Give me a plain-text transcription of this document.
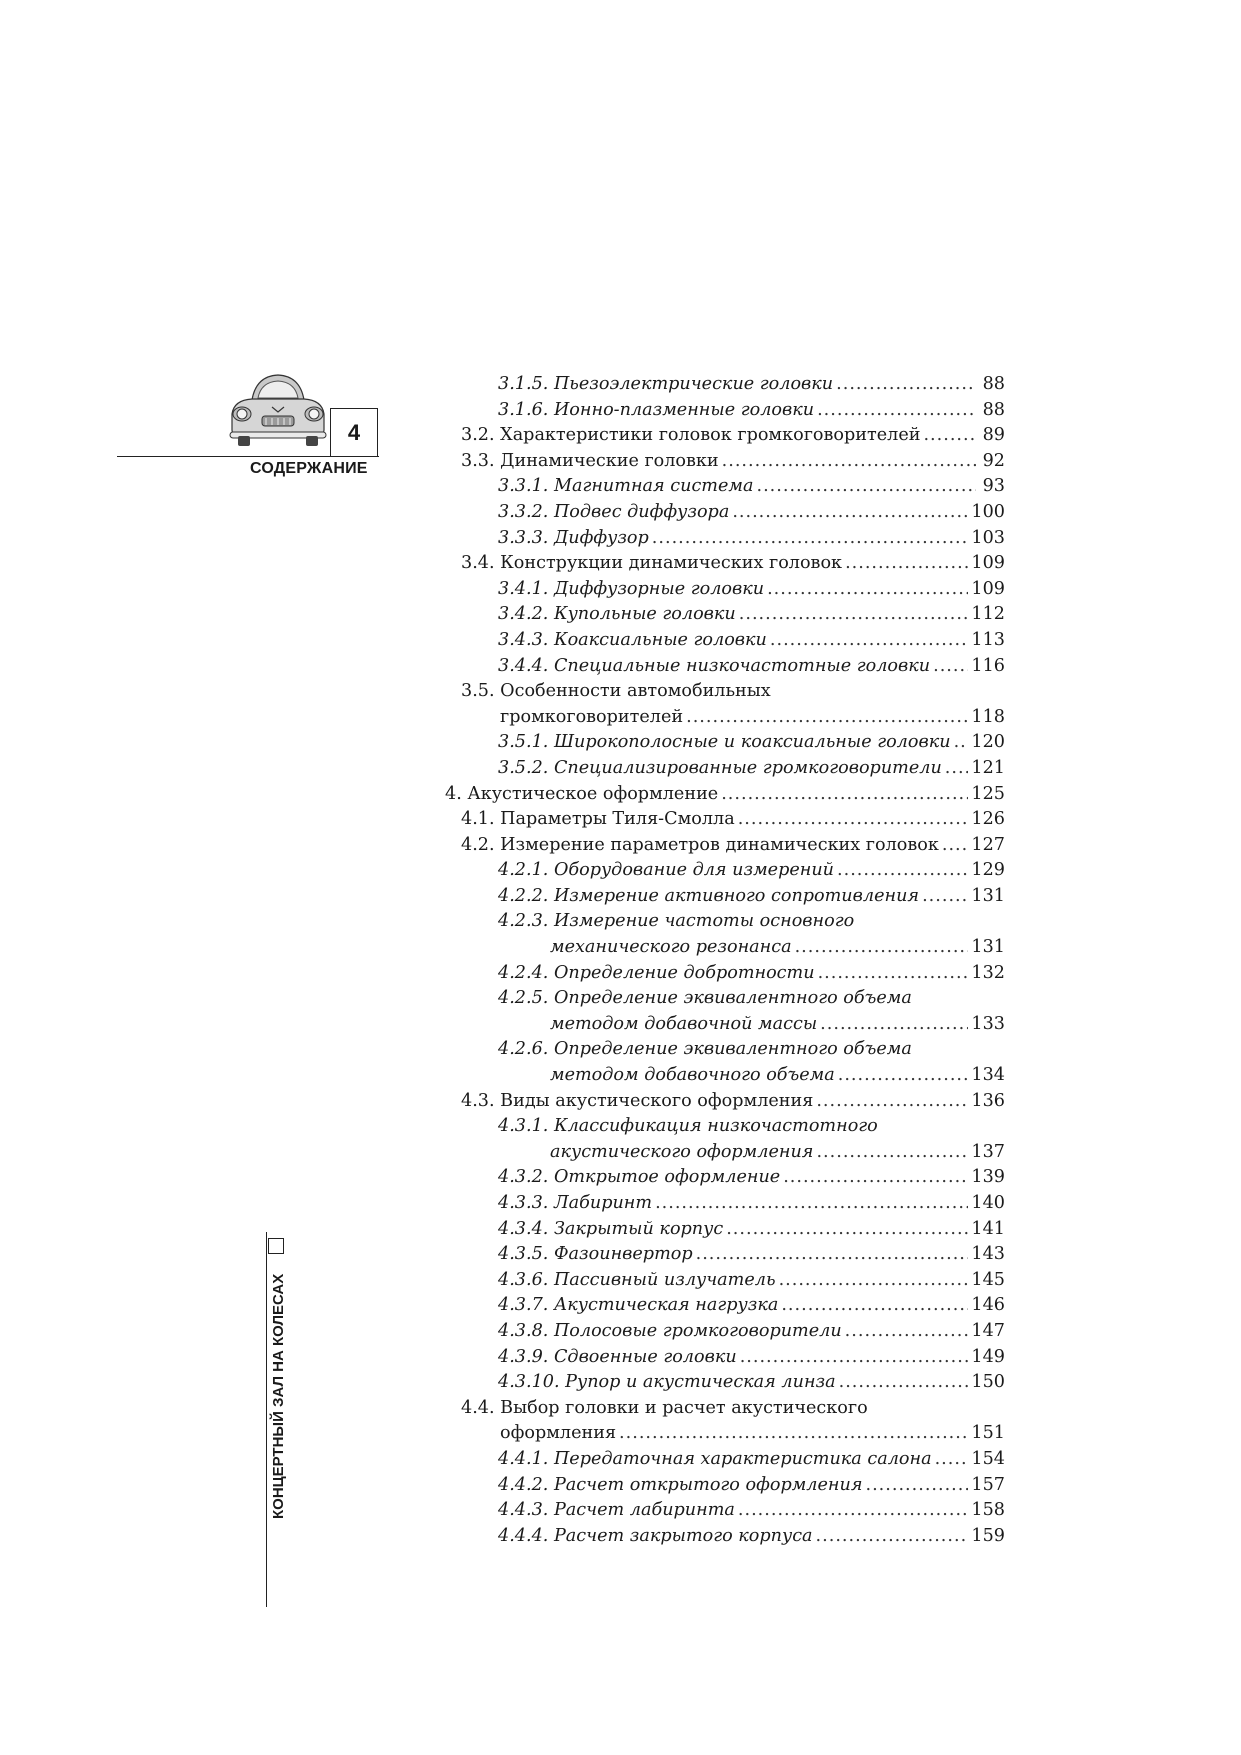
4
СОДЕРЖАНИЕ
КОНЦЕРТНЫЙ ЗАЛ НА КОЛЕСАХ
3.1.5. Пьезоэлектрические головки .....	88
3.1.6. Ионно-плазменные головки .....	88
3.2. Характеристики головок громкоговорителей .....	89
3.3. Динамические головки .....	92
3.3.1. Магнитная система .....	93
3.3.2. Подвес диффузора .....	100
3.3.3. Диффузор .....	103
3.4. Конструкции динамических головок .....	109
3.4.1. Диффузорные головки .....	109
3.4.2. Купольные головки .....	112
3.4.3. Коаксиальные головки .....	113
3.4.4. Специальные низкочастотные головки ..... 116
3.5. Особенности автомобильных
громкоговорителей .....	118
3.5.1. Широкополосные и коаксиальные головки ..... 120
3.5.2. Специализированные громкоговорители ..... 121
4. Акустическое оформление .....	125
4.1. Параметры Тиля-Смолла .....	126
4.2. Измерение параметров динамических головок ..... 127
4.2.1. Оборудование для измерений .....	129
4.2.2. Измерение активного сопротивления .....	131
4.2.3. Измерение частоты основного
механического резонанса .....	131
4.2.4. Определение добротности .....	132
4.2.5. Определение эквивалентного объема
методом добавочной массы .....	133
4.2.6. Определение эквивалентного объема
методом добавочного объема .....	134
4.3. Виды акустического оформления .....	136
4.3.1. Классификация низкочастотного
акустического оформления .....	137
4.3.2. Открытое оформление .....	139
4.3.3. Лабиринт .....	140
4.3.4. Закрытый корпус .....	141
4.3.5. Фазоинвертор .....	143
4.3.6. Пассивный излучатель .....	145
4.3.7. Акустическая нагрузка .....	146
4.3.8. Полосовые громкоговорители .....	147
4.3.9. Сдвоенные головки .....	149
4.3.10. Рупор и акустическая линза .....	150
4.4. Выбор головки и расчет акустического
оформления .....	151
4.4.1. Передаточная характеристика салона ..... 154
4.4.2. Расчет открытого оформления .....	157
4.4.3. Расчет лабиринта .....	158
4.4.4. Расчет закрытого корпуса .....	159
